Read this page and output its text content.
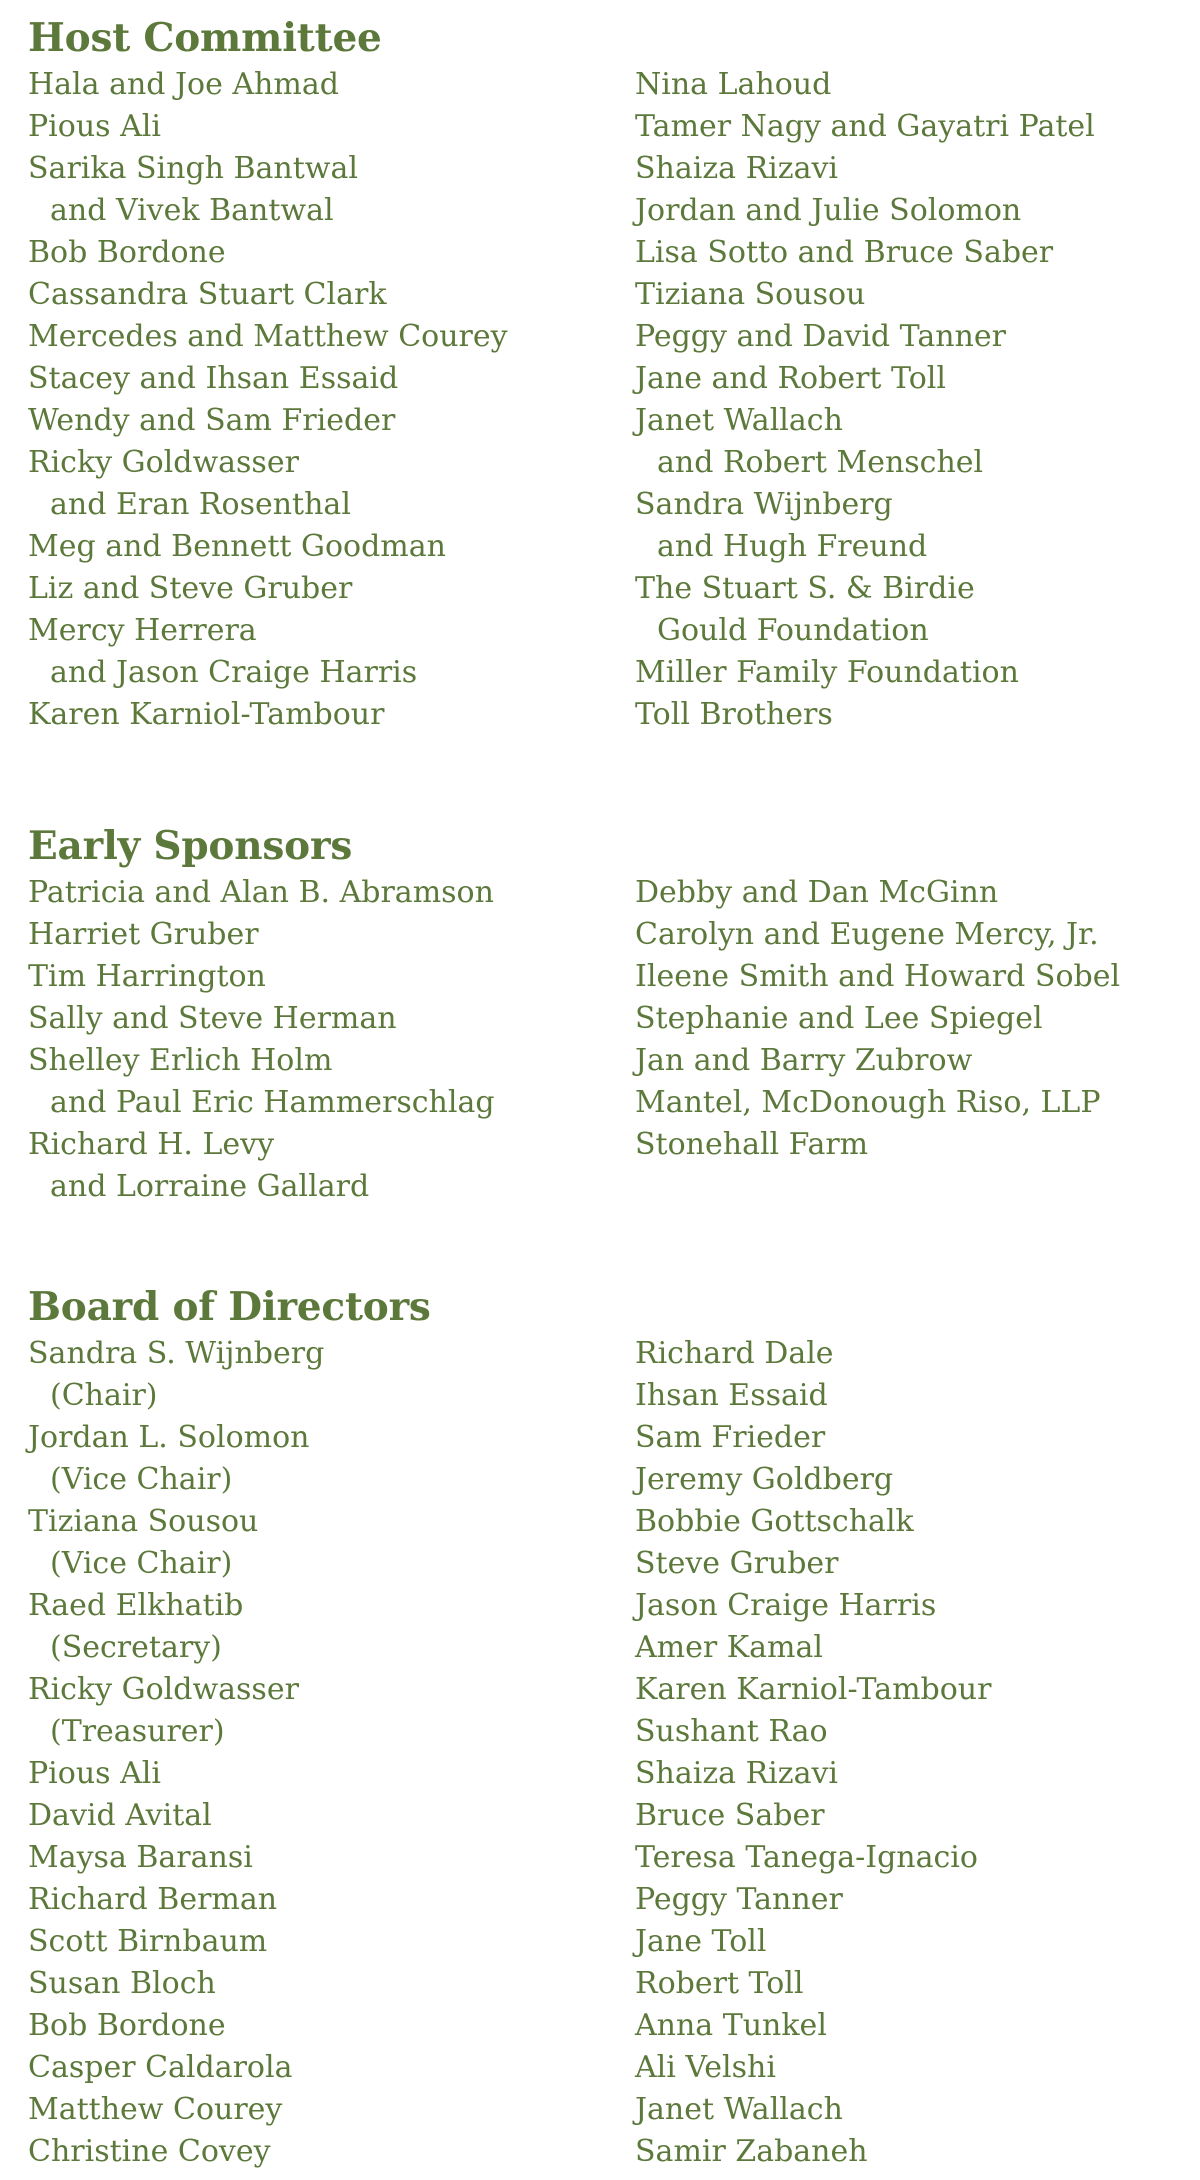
Host Committee
Hala and Joe Ahmad
Pious Ali
Sarika Singh Bantwal
and Vivek Bantwal
Bob Bordone
Cassandra Stuart Clark
Mercedes and Matthew Courey
Stacey and Ihsan Essaid
Wendy and Sam Frieder
Ricky Goldwasser
and Eran Rosenthal
Meg and Bennett Goodman
Liz and Steve Gruber
Mercy Herrera
and Jason Craige Harris
Karen Karniol-Tambour
Nina Lahoud
Tamer Nagy and Gayatri Patel
Shaiza Rizavi
Jordan and Julie Solomon
Lisa Sotto and Bruce Saber
Tiziana Sousou
Peggy and David Tanner
Jane and Robert Toll
Janet Wallach
and Robert Menschel
Sandra Wijnberg
and Hugh Freund
The Stuart S. & Birdie
Gould Foundation
Miller Family Foundation
Toll Brothers
Early Sponsors
Patricia and Alan B. Abramson
Harriet Gruber
Tim Harrington
Sally and Steve Herman
Shelley Erlich Holm
and Paul Eric Hammerschlag
Richard H. Levy
and Lorraine Gallard
Debby and Dan McGinn
Carolyn and Eugene Mercy, Jr.
Ileene Smith and Howard Sobel
Stephanie and Lee Spiegel
Jan and Barry Zubrow
Mantel, McDonough Riso, LLP
Stonehall Farm
Board of Directors
Sandra S. Wijnberg
(Chair)
Jordan L. Solomon
(Vice Chair)
Tiziana Sousou
(Vice Chair)
Raed Elkhatib
(Secretary)
Ricky Goldwasser
(Treasurer)
Pious Ali
David Avital
Maysa Baransi
Richard Berman
Scott Birnbaum
Susan Bloch
Bob Bordone
Casper Caldarola
Matthew Courey
Christine Covey
Richard Dale
Ihsan Essaid
Sam Frieder
Jeremy Goldberg
Bobbie Gottschalk
Steve Gruber
Jason Craige Harris
Amer Kamal
Karen Karniol-Tambour
Sushant Rao
Shaiza Rizavi
Bruce Saber
Teresa Tanega-Ignacio
Peggy Tanner
Jane Toll
Robert Toll
Anna Tunkel
Ali Velshi
Janet Wallach
Samir Zabaneh
